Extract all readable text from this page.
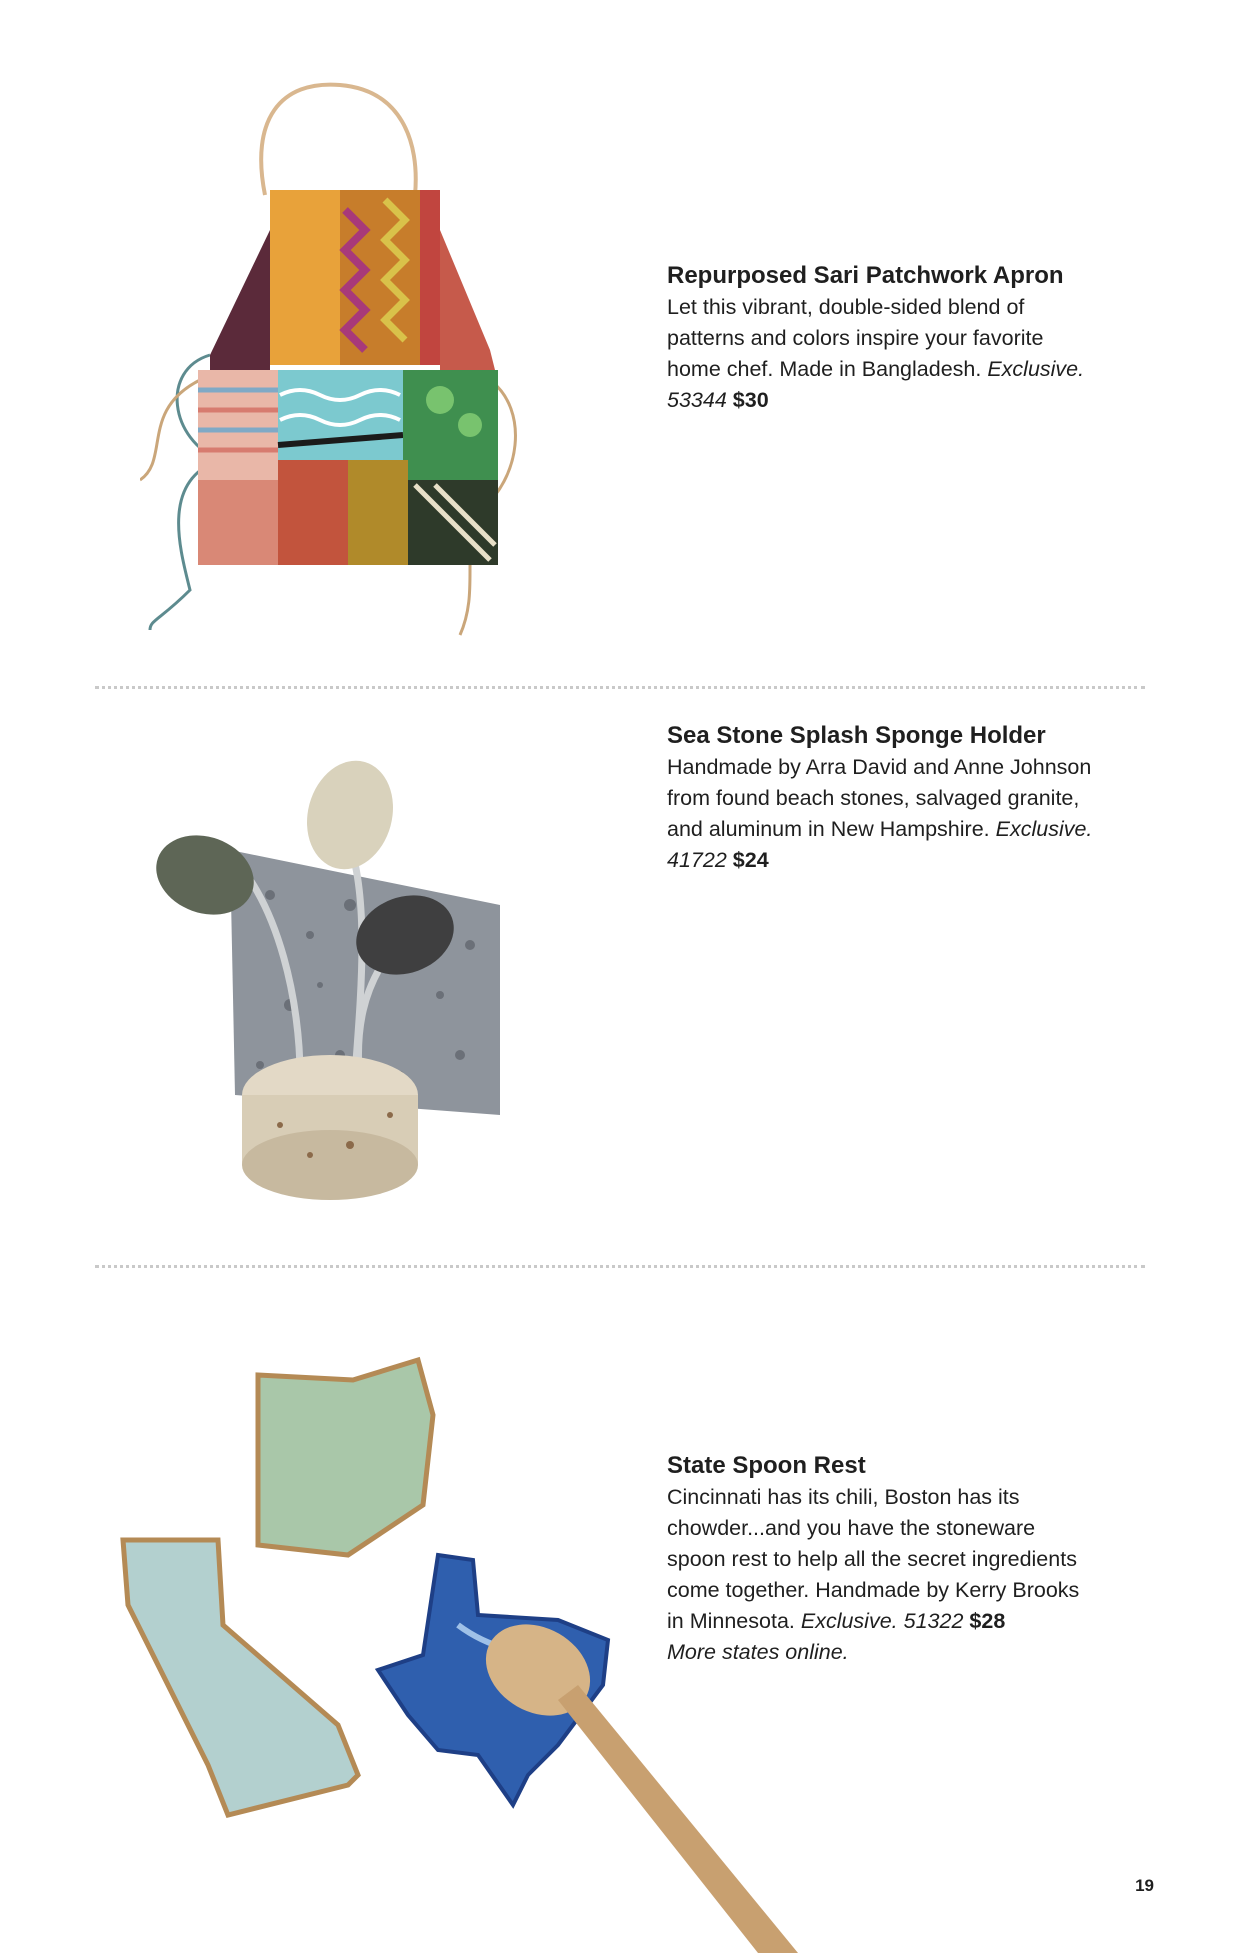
Repurposed Sari Patchwork Apron
Let this vibrant, double-sided blend of
patterns and colors inspire your favorite
home chef. Made in Bangladesh. Exclusive.
53344 $30
Sea Stone Splash Sponge Holder
Handmade by Arra David and Anne Johnson
from found beach stones, salvaged granite,
and aluminum in New Hampshire. Exclusive.
41722 $24
State Spoon Rest
Cincinnati has its chili, Boston has its
chowder...and you have the stoneware
spoon rest to help all the secret ingredients
come together. Handmade by Kerry Brooks
in Minnesota. Exclusive. 51322 $28
More states online.
19
